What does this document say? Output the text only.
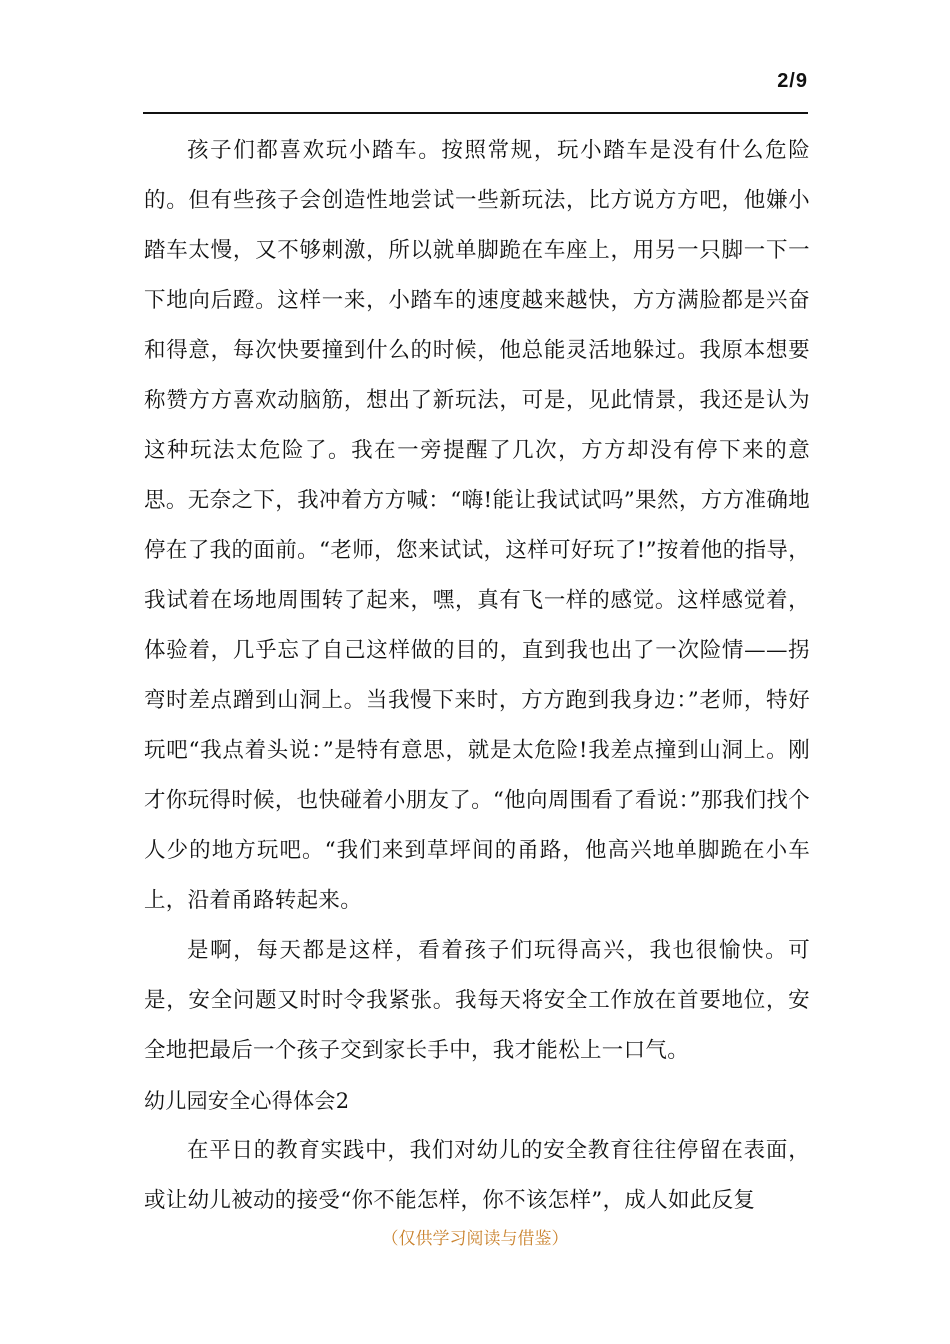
2/9

孩子们都喜欢玩小踏车。按照常规，玩小踏车是没有什么危险的。但有些孩子会创造性地尝试一些新玩法，比方说方方吧，他嫌小踏车太慢，又不够刺激，所以就单脚跪在车座上，用另一只脚一下一下地向后蹬。这样一来，小踏车的速度越来越快，方方满脸都是兴奋和得意，每次快要撞到什么的时候，他总能灵活地躲过。我原本想要称赞方方喜欢动脑筋，想出了新玩法，可是，见此情景，我还是认为这种玩法太危险了。我在一旁提醒了几次，方方却没有停下来的意思。无奈之下，我冲着方方喊：“嗨!能让我试试吗”果然，方方准确地停在了我的面前。“老师，您来试试，这样可好玩了!”按着他的指导，我试着在场地周围转了起来，嘿，真有飞一样的感觉。这样感觉着，体验着，几乎忘了自己这样做的目的，直到我也出了一次险情——拐弯时差点蹭到山洞上。当我慢下来时，方方跑到我身边：”老师，特好玩吧“我点着头说：”是特有意思，就是太危险!我差点撞到山洞上。刚才你玩得时候，也快碰着小朋友了。“他向周围看了看说：”那我们找个人少的地方玩吧。“我们来到草坪间的甬路，他高兴地单脚跪在小车上，沿着甬路转起来。

是啊，每天都是这样，看着孩子们玩得高兴，我也很愉快。可是，安全问题又时时令我紧张。我每天将安全工作放在首要地位，安全地把最后一个孩子交到家长手中，我才能松上一口气。

幼儿园安全心得体会2

在平日的教育实践中，我们对幼儿的安全教育往往停留在表面，或让幼儿被动的接受“你不能怎样，你不该怎样”，成人如此反复

（仅供学习阅读与借鉴）
